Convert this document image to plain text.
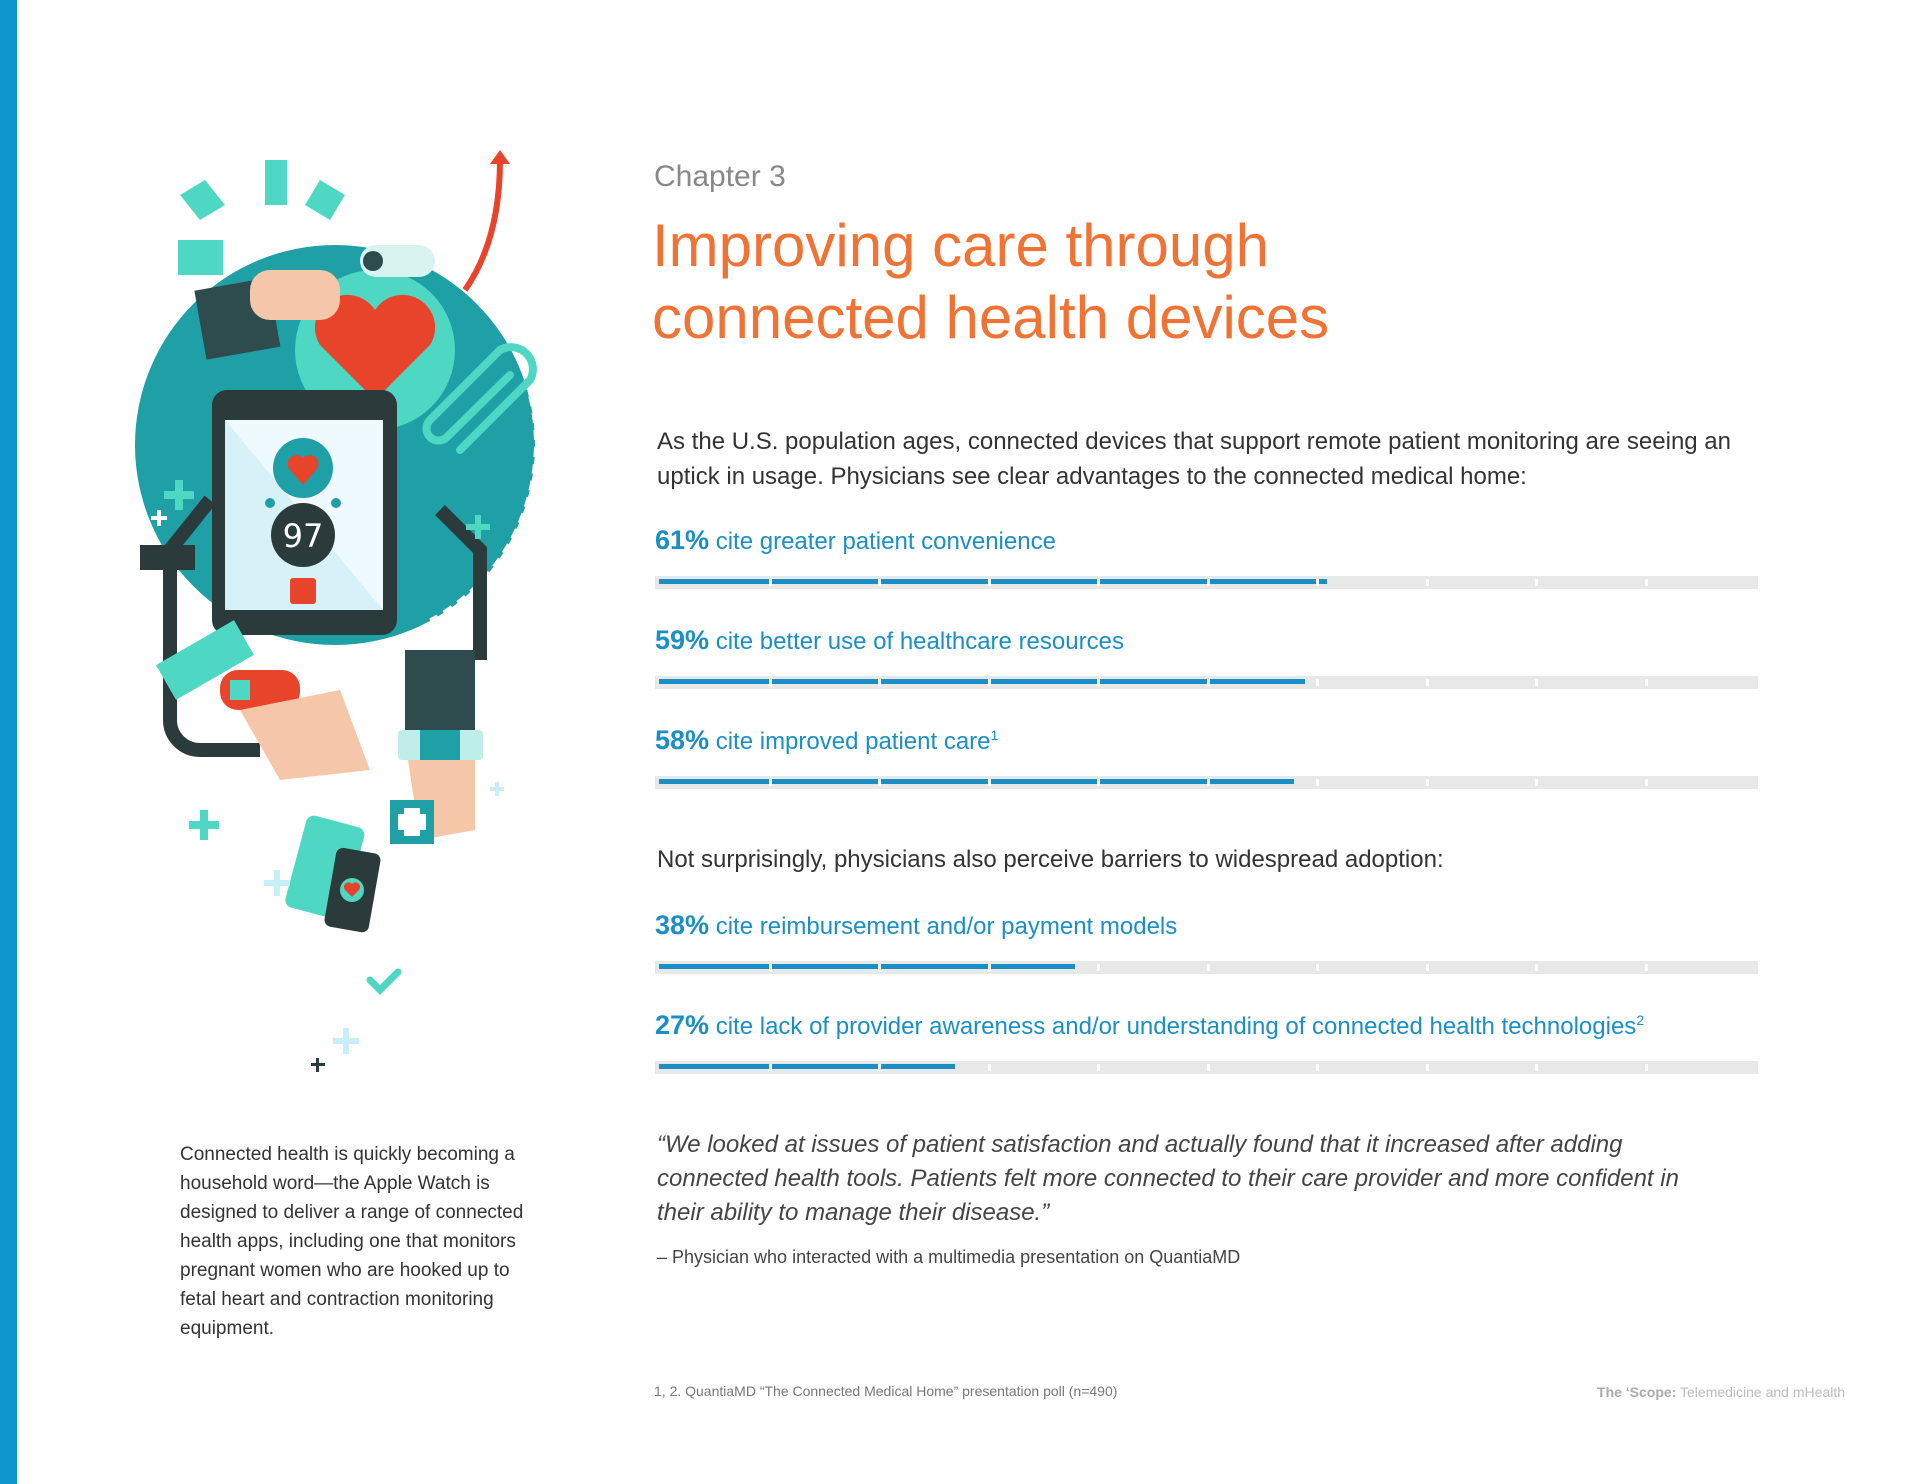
97
Chapter 3
Improving care through
connected health devices
As the U.S. population ages, connected devices that support remote patient monitoring are seeing an uptick in usage. Physicians see clear advantages to the connected medical home:
61% cite greater patient convenience
59% cite better use of healthcare resources
58% cite improved patient care$^1$
Not surprisingly, physicians also perceive barriers to widespread adoption:
38% cite reimbursement and/or payment models
27% cite lack of provider awareness and/or understanding of connected health technologies$^2$
“We looked at issues of patient satisfaction and actually found that it increased after adding connected health tools. Patients felt more connected to their care provider and more confident in their ability to manage their disease.”
– Physician who interacted with a multimedia presentation on QuantiaMD
Connected health is quickly becoming a household word—the Apple Watch is designed to deliver a range of connected health apps, including one that monitors pregnant women who are hooked up to fetal heart and contraction monitoring equipment.
1, 2. QuantiaMD “The Connected Medical Home” presentation poll (n=490)	The ‘Scope: Telemedicine and mHealth
